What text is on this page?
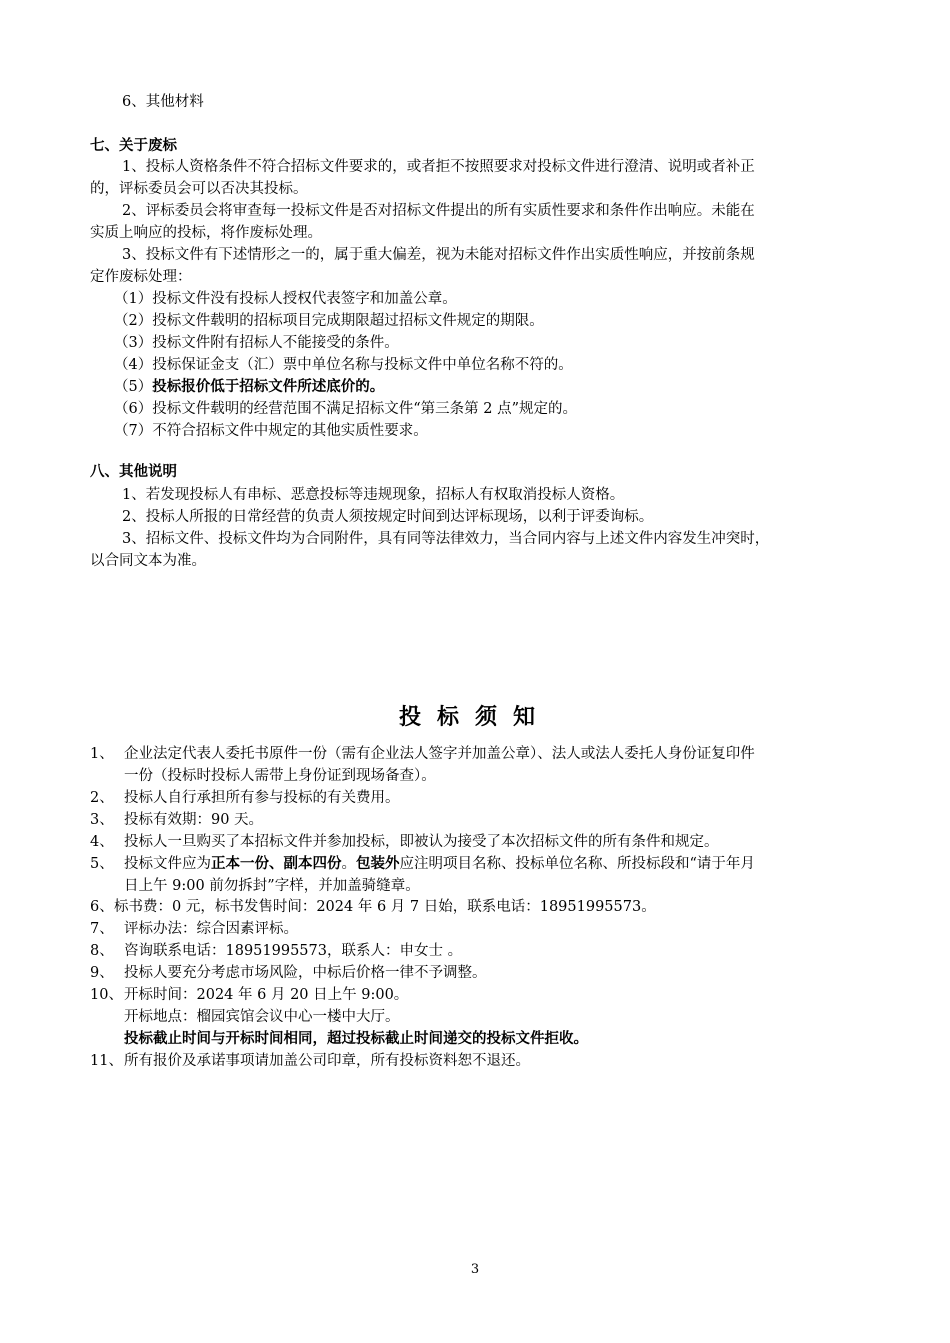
6、其他材料
七、关于废标
1、投标人资格条件不符合招标文件要求的，或者拒不按照要求对投标文件进行澄清、说明或者补正
的，评标委员会可以否决其投标。
2、评标委员会将审查每一投标文件是否对招标文件提出的所有实质性要求和条件作出响应。未能在
实质上响应的投标，将作废标处理。
3、投标文件有下述情形之一的，属于重大偏差，视为未能对招标文件作出实质性响应，并按前条规
定作废标处理：
（1）投标文件没有投标人授权代表签字和加盖公章。
（2）投标文件载明的招标项目完成期限超过招标文件规定的期限。
（3）投标文件附有招标人不能接受的条件。
（4）投标保证金支（汇）票中单位名称与投标文件中单位名称不符的。
（5）投标报价低于招标文件所述底价的。
（6）投标文件载明的经营范围不满足招标文件“第三条第 2 点”规定的。
（7）不符合招标文件中规定的其他实质性要求。
八、其他说明
1、若发现投标人有串标、恶意投标等违规现象，招标人有权取消投标人资格。
2、投标人所报的日常经营的负责人须按规定时间到达评标现场，以利于评委询标。
3、招标文件、投标文件均为合同附件，具有同等法律效力，当合同内容与上述文件内容发生冲突时，
以合同文本为准。
投标须知
1、 企业法定代表人委托书原件一份（需有企业法人签字并加盖公章）、法人或法人委托人身份证复印件
一份（投标时投标人需带上身份证到现场备查）。
2、 投标人自行承担所有参与投标的有关费用。
3、 投标有效期：90 天。
4、 投标人一旦购买了本招标文件并参加投标，即被认为接受了本次招标文件的所有条件和规定。
5、 投标文件应为正本一份、副本四份。包装外应注明项目名称、投标单位名称、所投标段和“请于年月
日上午 9:00 前勿拆封”字样，并加盖骑缝章。
6、 标书费：0 元，标书发售时间：2024 年 6 月 7 日始，联系电话：18951995573。
7、 评标办法：综合因素评标。
8、 咨询联系电话：18951995573，联系人：申女士 。
9、 投标人要充分考虑市场风险，中标后价格一律不予调整。
10、 开标时间：2024 年 6 月 20 日上午 9:00。
开标地点：榴园宾馆会议中心一楼中大厅。
投标截止时间与开标时间相同，超过投标截止时间递交的投标文件拒收。
11、 所有报价及承诺事项请加盖公司印章，所有投标资料恕不退还。
3
